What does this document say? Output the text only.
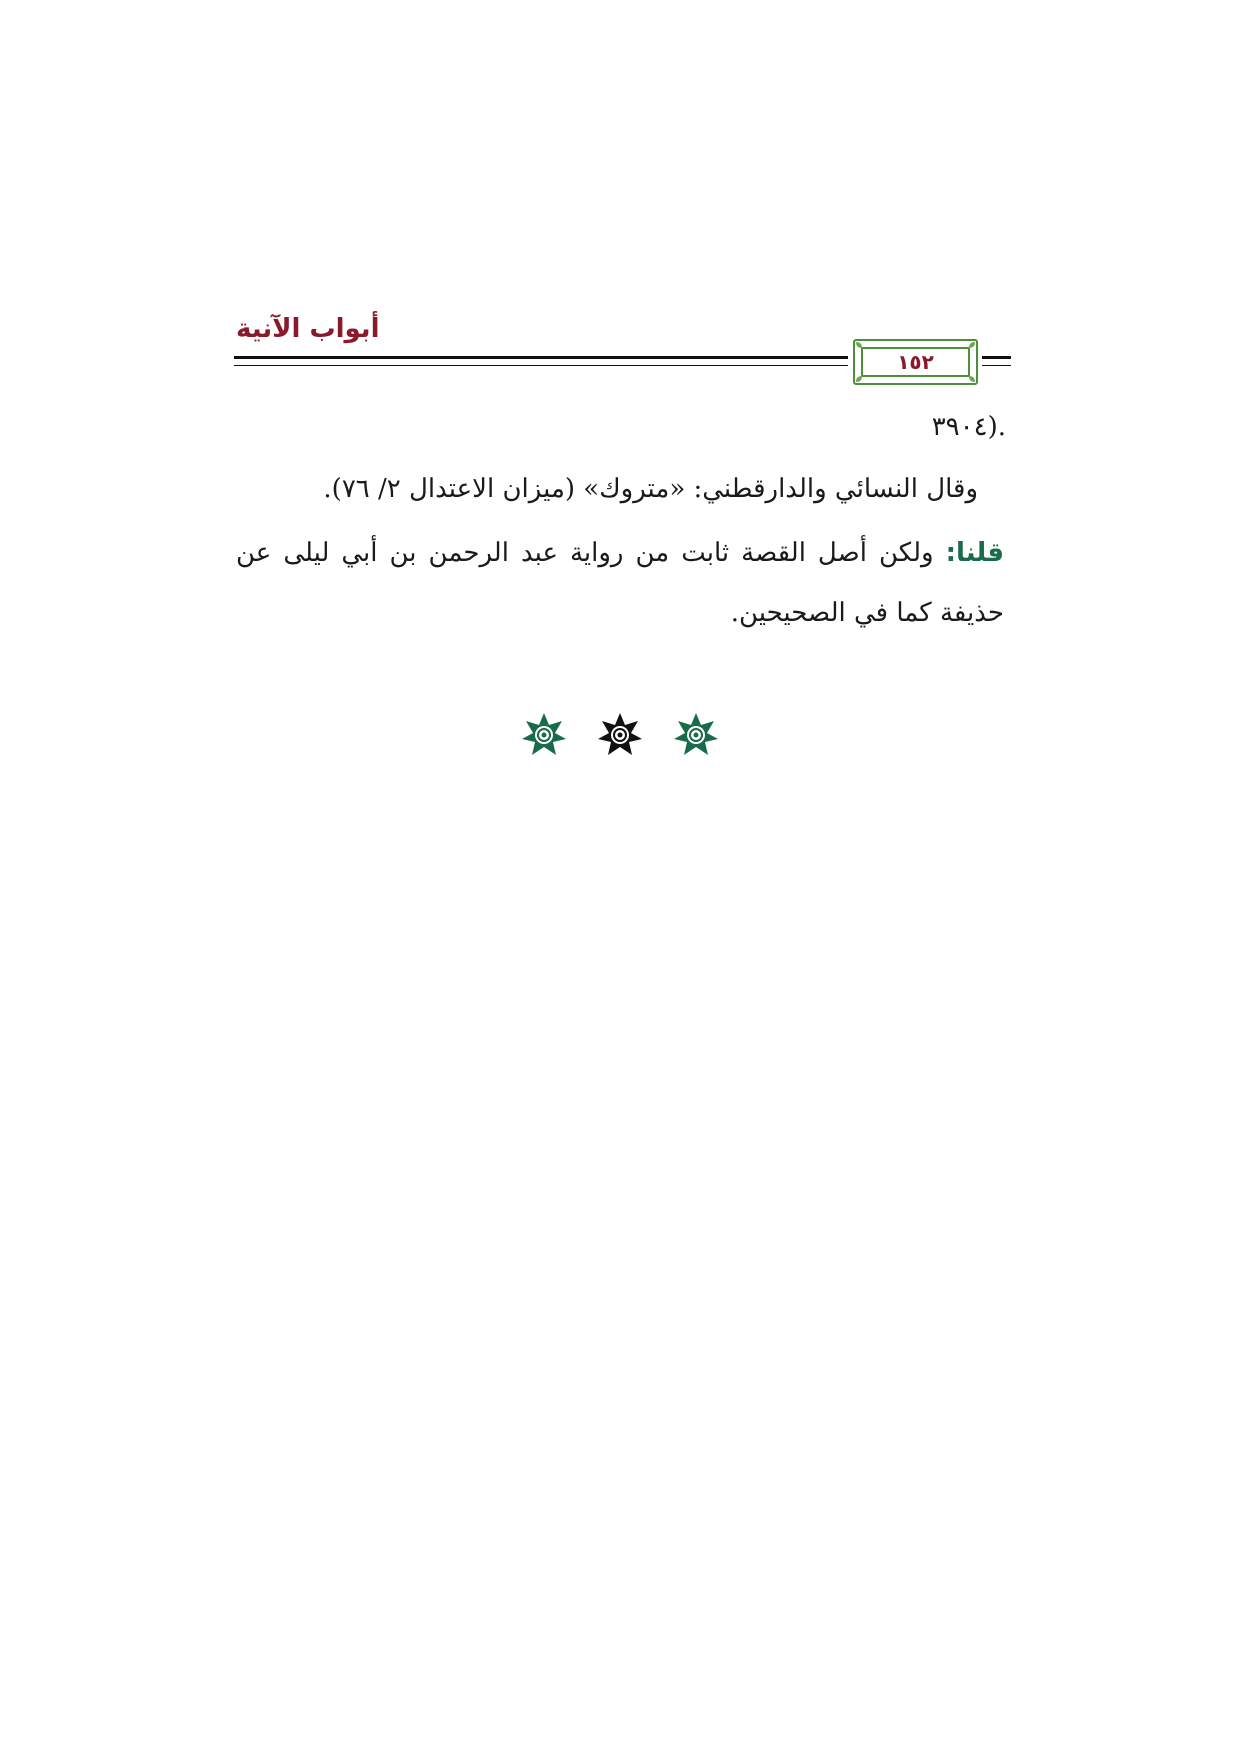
أبواب الآنية
١٥٢
.(٣٩٠٤
وقال النسائي والدارقطني: «متروك» (ميزان الاعتدال ٢/ ٧٦).
قلنا: ولكن أصل القصة ثابت من رواية عبد الرحمن بن أبي ليلى عن
حذيفة كما في الصحيحين.
